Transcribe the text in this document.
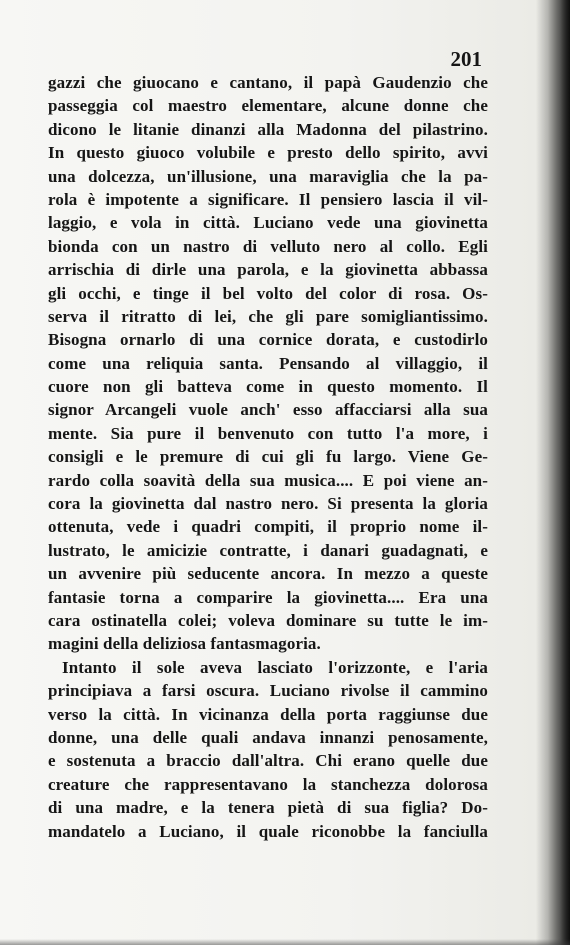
201
gazzi che giuocano e cantano, il papà Gaudenzio che
passeggia col maestro elementare, alcune donne che
dicono le litanie dinanzi alla Madonna del pilastrino.
In questo giuoco volubile e presto dello spirito, avvi
una dolcezza, un'illusione, una maraviglia che la pa-
rola è impotente a significare. Il pensiero lascia il vil-
laggio, e vola in città. Luciano vede una giovinetta
bionda con un nastro di velluto nero al collo. Egli
arrischia di dirle una parola, e la giovinetta abbassa
gli occhi, e tinge il bel volto del color di rosa. Os-
serva il ritratto di lei, che gli pare somigliantissimo.
Bisogna ornarlo di una cornice dorata, e custodirlo
come una reliquia santa. Pensando al villaggio, il
cuore non gli batteva come in questo momento. Il
signor Arcangeli vuole anch' esso affacciarsi alla sua
mente. Sia pure il benvenuto con tutto l'a more, i
consigli e le premure di cui gli fu largo. Viene Ge-
rardo colla soavità della sua musica.... E poi viene an-
cora la giovinetta dal nastro nero. Si presenta la gloria
ottenuta, vede i quadri compiti, il proprio nome il-
lustrato, le amicizie contratte, i danari guadagnati, e
un avvenire più seducente ancora. In mezzo a queste
fantasie torna a comparire la giovinetta.... Era una
cara ostinatella colei; voleva dominare su tutte le im-
magini della deliziosa fantasmagoria.
Intanto il sole aveva lasciato l'orizzonte, e l'aria
principiava a farsi oscura. Luciano rivolse il cammino
verso la città. In vicinanza della porta raggiunse due
donne, una delle quali andava innanzi penosamente,
e sostenuta a braccio dall'altra. Chi erano quelle due
creature che rappresentavano la stanchezza dolorosa
di una madre, e la tenera pietà di sua figlia? Do-
mandatelo a Luciano, il quale riconobbe la fanciulla
